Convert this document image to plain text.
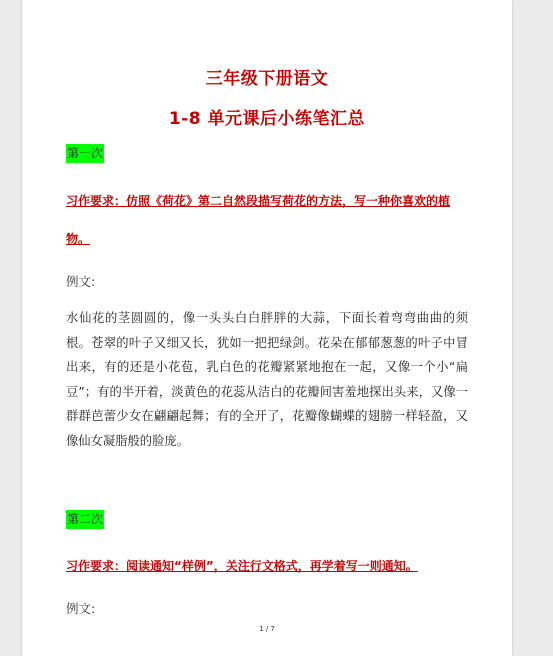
三年级下册语文
1-8 单元课后小练笔汇总
第一次
习作要求：仿照《荷花》第二自然段描写荷花的方法，写一种你喜欢的植物。
例文:
水仙花的茎圆圆的，像一头头白白胖胖的大蒜，下面长着弯弯曲曲的须根。苍翠的叶子又细又长，犹如一把把绿剑。花朵在郁郁葱葱的叶子中冒出来，有的还是小花苞，乳白色的花瓣紧紧地抱在一起，又像一个小“扁豆”；有的半开着，淡黄色的花蕊从洁白的花瓣间害羞地探出头来，又像一群群芭蕾少女在翩翩起舞；有的全开了，花瓣像蝴蝶的翅膀一样轻盈，又像仙女凝脂般的脸庞。
第二次
习作要求：阅读通知“样例”，关注行文格式，再学着写一则通知。
例文:
1 / 7
